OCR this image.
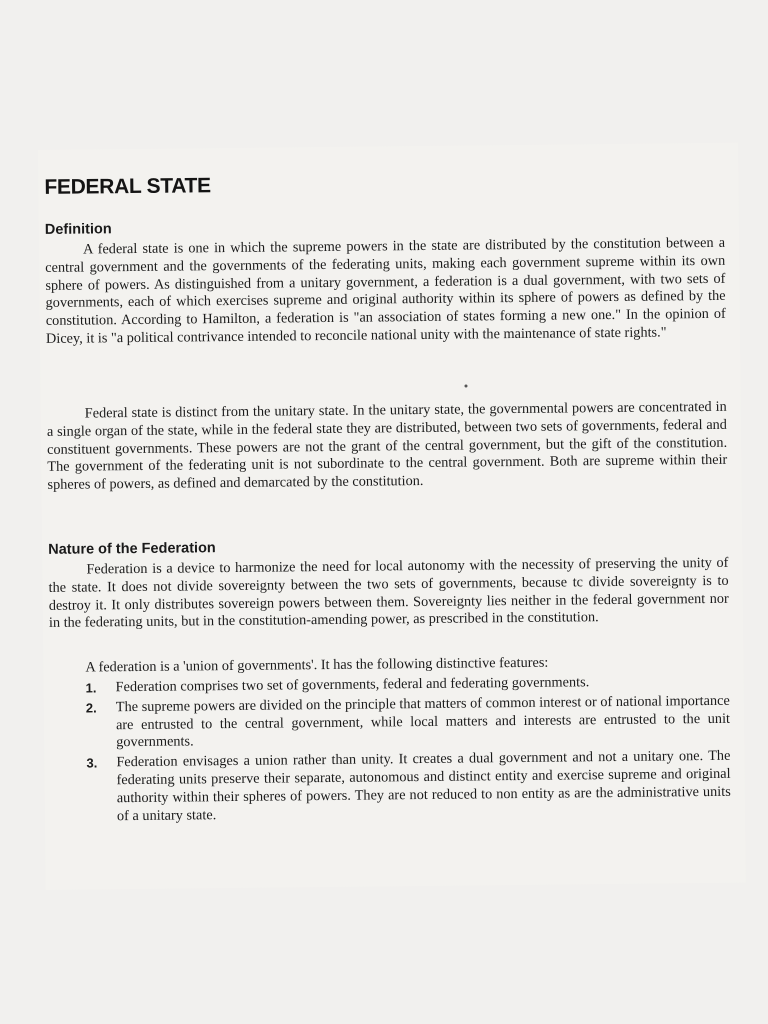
FEDERAL STATE
Definition

A federal state is one in which the supreme powers in the state are distributed by the constitution between a central government and the governments of the federating units, making each government supreme within its own sphere of powers. As distinguished from a unitary government, a federation is a dual government, with two sets of governments, each of which exercises supreme and original authority within its sphere of powers as defined by the constitution. According to Hamilton, a federation is "an association of states forming a new one." In the opinion of Dicey, it is "a political contrivance intended to reconcile national unity with the maintenance of state rights."

Federal state is distinct from the unitary state. In the unitary state, the governmental powers are concentrated in a single organ of the state, while in the federal state they are distributed, between two sets of governments, federal and constituent governments. These powers are not the grant of the central government, but the gift of the constitution. The government of the federating unit is not subordinate to the central government. Both are supreme within their spheres of powers, as defined and demarcated by the constitution.

Nature of the Federation

Federation is a device to harmonize the need for local autonomy with the necessity of preserving the unity of the state. It does not divide sovereignty between the two sets of governments, because tc divide sovereignty is to destroy it. It only distributes sovereign powers between them. Sovereignty lies neither in the federal government nor in the federating units, but in the constitution-amending power, as prescribed in the constitution.

A federation is a 'union of governments'. It has the following distinctive features:

1. Federation comprises two set of governments, federal and federating governments.
2. The supreme powers are divided on the principle that matters of common interest or of national importance are entrusted to the central government, while local matters and interests are entrusted to the unit governments.
3. Federation envisages a union rather than unity. It creates a dual government and not a unitary one. The federating units preserve their separate, autonomous and distinct entity and exercise supreme and original authority within their spheres of powers. They are not reduced to non entity as are the administrative units of a unitary state.
